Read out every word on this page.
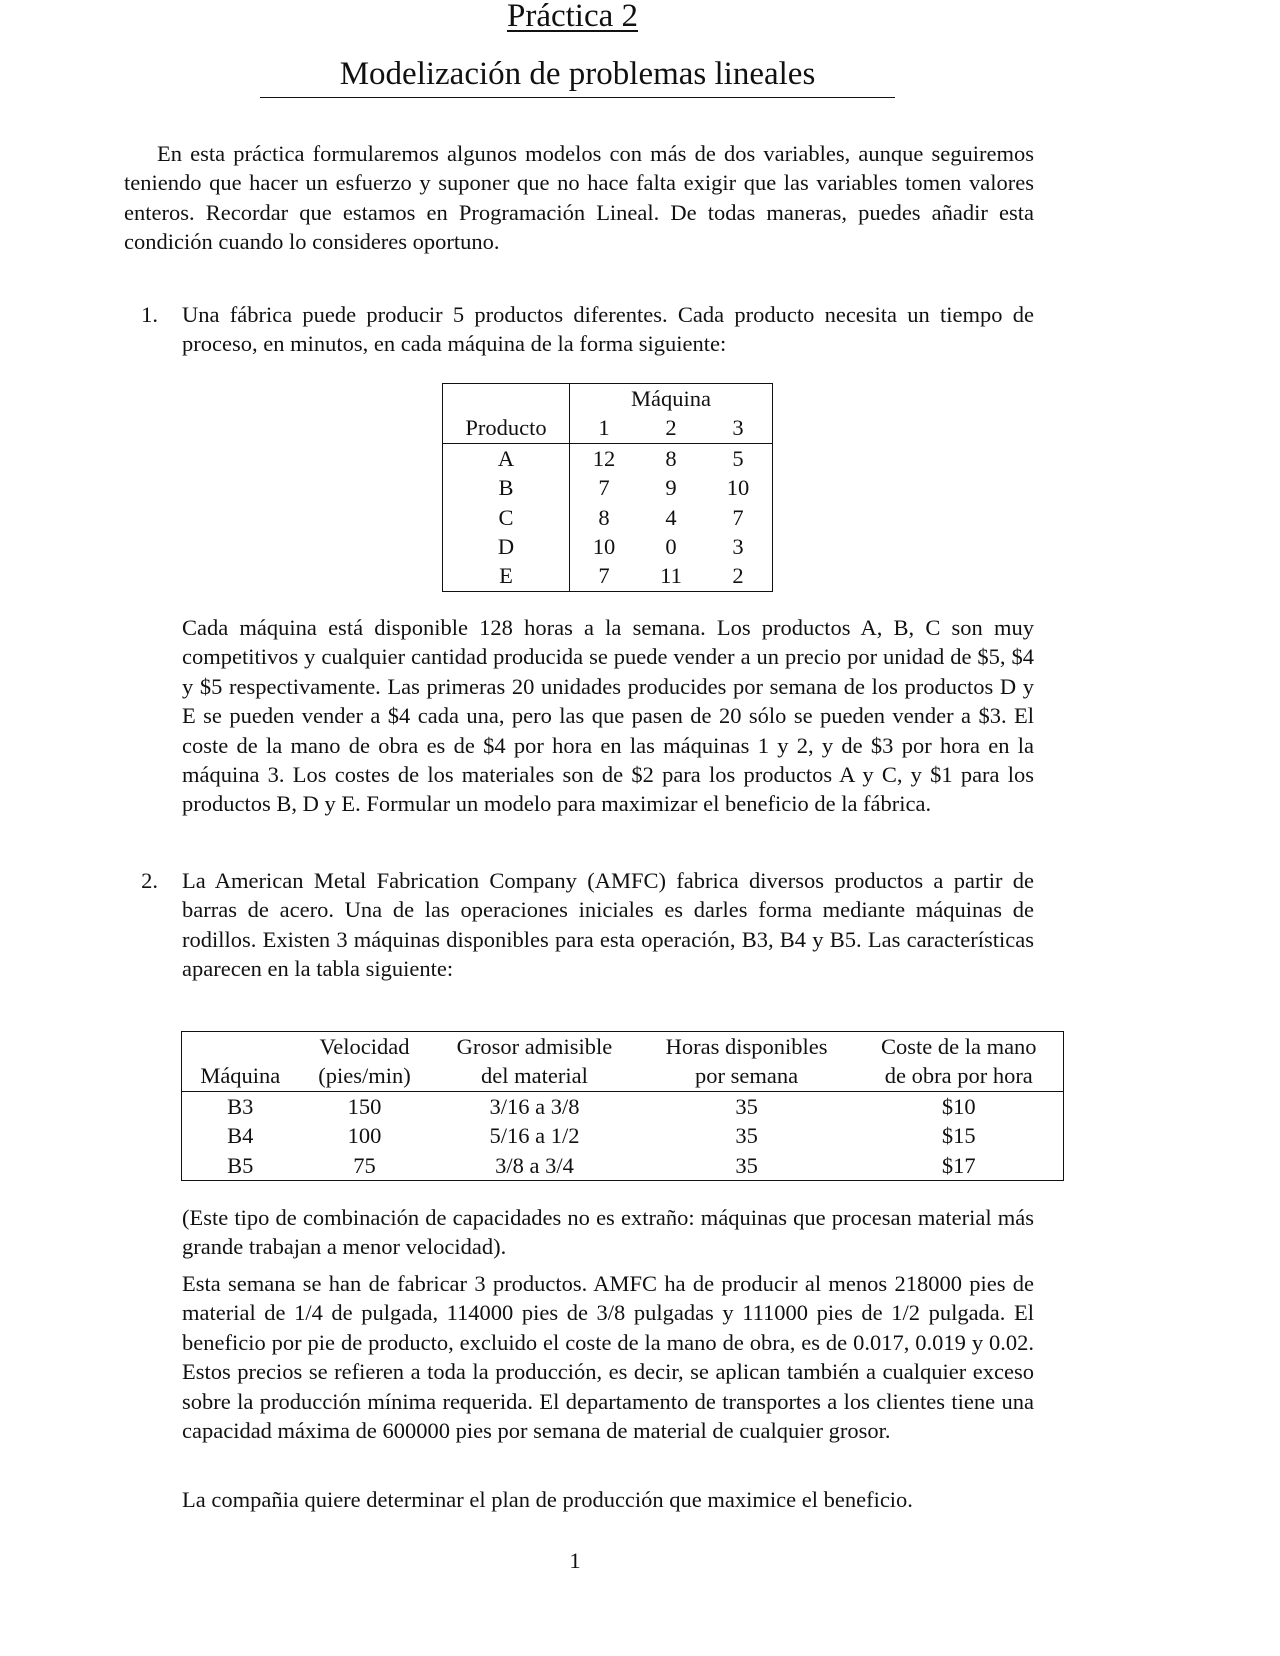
Práctica 2
Modelización de problemas lineales
En esta práctica formularemos algunos modelos con más de dos variables, aunque seguiremos teniendo que hacer un esfuerzo y suponer que no hace falta exigir que las variables tomen valores enteros. Recordar que estamos en Programación Lineal. De todas maneras, puedes añadir esta condición cuando lo consideres oportuno.
1. Una fábrica puede producir 5 productos diferentes. Cada producto necesita un tiempo de proceso, en minutos, en cada máquina de la forma siguiente:
	Máquina		
Producto	1	2	3
A	12	8	5
B	7	9	10
C	8	4	7
D	10	0	3
E	7	11	2
Cada máquina está disponible 128 horas a la semana. Los productos A, B, C son muy competitivos y cualquier cantidad producida se puede vender a un precio por unidad de $5, $4 y $5 respectivamente. Las primeras 20 unidades producides por semana de los productos D y E se pueden vender a $4 cada una, pero las que pasen de 20 sólo se pueden vender a $3. El coste de la mano de obra es de $4 por hora en las máquinas 1 y 2, y de $3 por hora en la máquina 3. Los costes de los materiales son de $2 para los productos A y C, y $1 para los productos B, D y E. Formular un modelo para maximizar el beneficio de la fábrica.
2. La American Metal Fabrication Company (AMFC) fabrica diversos productos a partir de barras de acero. Una de las operaciones iniciales es darles forma mediante máquinas de rodillos. Existen 3 máquinas disponibles para esta operación, B3, B4 y B5. Las características aparecen en la tabla siguiente:
	Velocidad	Grosor admisible	Horas disponibles	Coste de la mano
Máquina	(pies/min)	del material	por semana	de obra por hora
B3	150	3/16 a 3/8	35	$10
B4	100	5/16 a 1/2	35	$15
B5	75	3/8 a 3/4	35	$17
(Este tipo de combinación de capacidades no es extraño: máquinas que procesan material más grande trabajan a menor velocidad).
Esta semana se han de fabricar 3 productos. AMFC ha de producir al menos 218000 pies de material de 1/4 de pulgada, 114000 pies de 3/8 pulgadas y 111000 pies de 1/2 pulgada. El beneficio por pie de producto, excluido el coste de la mano de obra, es de 0.017, 0.019 y 0.02. Estos precios se refieren a toda la producción, es decir, se aplican también a cualquier exceso sobre la producción mínima requerida. El departamento de transportes a los clientes tiene una capacidad máxima de 600000 pies por semana de material de cualquier grosor.
La compañia quiere determinar el plan de producción que maximice el beneficio.
1
